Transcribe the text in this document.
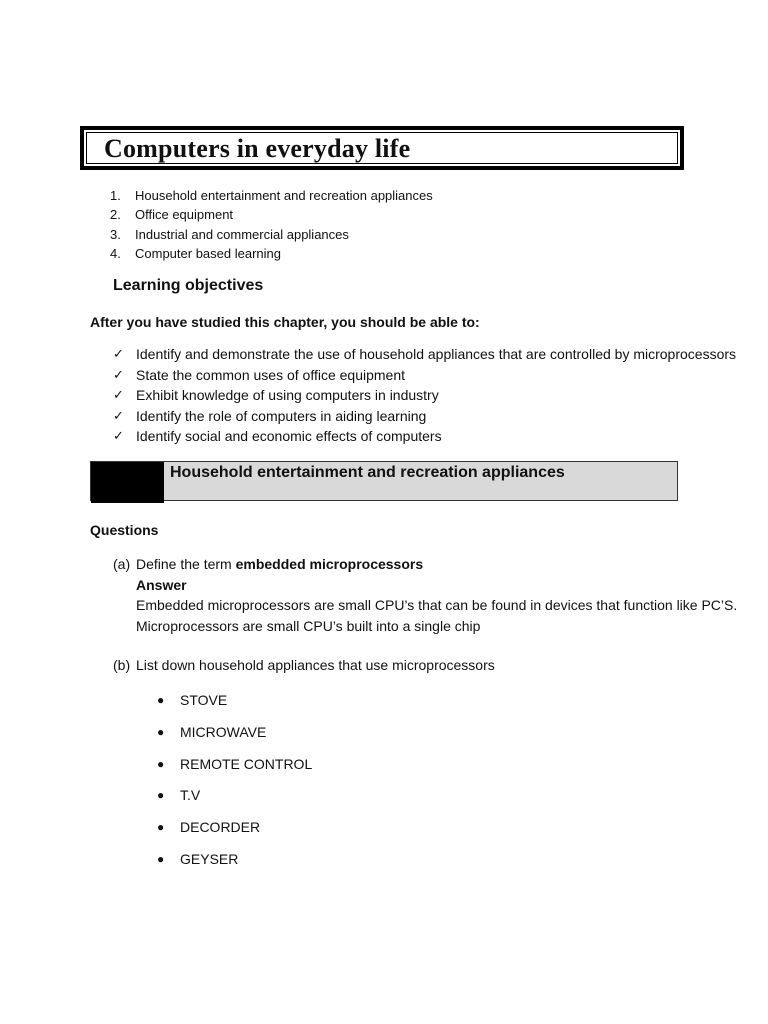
Computers in everyday life
1.	Household entertainment and recreation appliances
2.	Office equipment
3.	Industrial and commercial appliances
4.	Computer based learning
Learning objectives
After you have studied this chapter, you should be able to:
✓ Identify and demonstrate the use of household appliances that are controlled by microprocessors
✓ State the common uses of office equipment
✓ Exhibit knowledge of using computers in industry
✓ Identify the role of computers in aiding learning
✓ Identify social and economic effects of computers
Household entertainment and recreation appliances
Questions
(a) Define the term embedded microprocessors
Answer
Embedded microprocessors are small CPU’s that can be found in devices that function like PC’S.
Microprocessors are small CPU’s built into a single chip
(b) List down household appliances that use microprocessors
●	STOVE
●	MICROWAVE
●	REMOTE CONTROL
●	T.V
●	DECORDER
●	GEYSER
